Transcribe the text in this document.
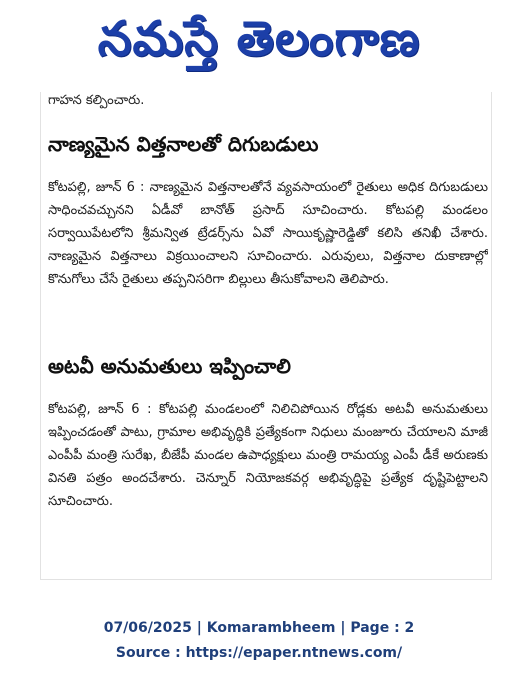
నమస్తే తెలంగాణ
గాహన కల్పించారు.
నాణ్యమైన విత్తనాలతో దిగుబడులు
కోటపల్లి, జూన్ 6 : నాణ్యమైన విత్తనాలతోనే వ్యవసాయంలో రైతులు అధిక దిగుబడులు సాధించవచ్చునని ఏడీవో బానోత్ ప్రసాద్ సూచించారు. కోటపల్లి మండలం సర్వాయిపేటలోని శ్రీమన్విత ట్రేడర్స్‌ను ఏవో సాయికృష్ణారెడ్డితో కలిసి తనిఖీ చేశారు. నాణ్యమైన విత్తనాలు విక్రయించాలని సూచించారు. ఎరువులు, విత్తనాల దుకాణాల్లో కొనుగోలు చేసే రైతులు తప్పనిసరిగా బిల్లులు తీసుకోవాలని తెలిపారు.
అటవీ అనుమతులు ఇప్పించాలి
కోటపల్లి, జూన్ 6 : కోటపల్లి మండలంలో నిలిచిపోయిన రోడ్లకు అటవీ అనుమతులు ఇప్పించడంతో పాటు, గ్రామాల అభివృద్ధికి ప్రత్యేకంగా నిధులు మంజూరు చేయాలని మాజీ ఎంపీపీ మంత్రి సురేఖ, బీజేపీ మండల ఉపాధ్యక్షులు మంత్రి రామయ్య ఎంపీ డీకే అరుణకు వినతి పత్రం అందచేశారు. చెన్నూర్ నియోజకవర్గ అభివృద్ధిపై ప్రత్యేక దృష్టిపెట్టాలని సూచించారు.
07/06/2025 | Komarambheem | Page : 2
Source : https://epaper.ntnews.com/
